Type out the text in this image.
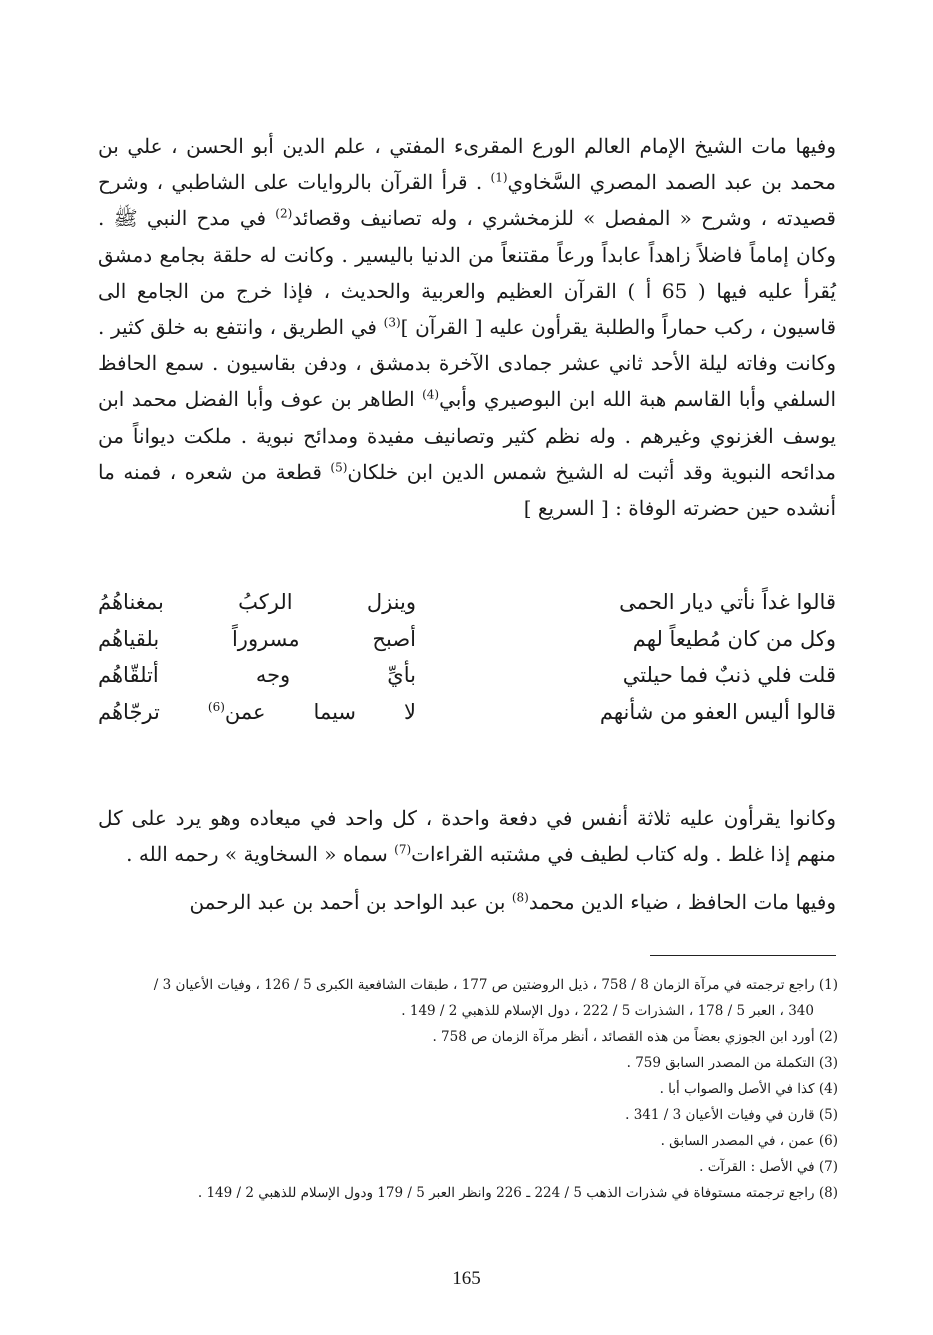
وفيها مات الشيخ الإمام العالم الورع المقرىء المفتي ، علم الدين أبو الحسن ، علي بن محمد بن عبد الصمد المصري السَّخاوي$^{(1)}$ . قرأ القرآن بالروايات على الشاطبي ، وشرح قصيدته ، وشرح « المفصل » للزمخشري ، وله تصانيف وقصائد$^{(2)}$ في مدح النبي ﷺ . وكان إماماً فاضلاً زاهداً عابداً ورعاً مقتنعاً من الدنيا باليسير . وكانت له حلقة بجامع دمشق يُقرأ عليه فيها ( 65 أ ) القرآن العظيم والعربية والحديث ، فإذا خرج من الجامع الى قاسيون ، ركب حماراً والطلبة يقرأون عليه [ القرآن ]$^{(3)}$ في الطريق ، وانتفع به خلق كثير . وكانت وفاته ليلة الأحد ثاني عشر جمادى الآخرة بدمشق ، ودفن بقاسيون . سمع الحافظ السلفي وأبا القاسم هبة الله ابن البوصيري وأبي$^{(4)}$ الطاهر بن عوف وأبا الفضل محمد ابن يوسف الغزنوي وغيرهم . وله نظم كثير وتصانيف مفيدة ومدائح نبوية . ملكت ديواناً من مدائحه النبوية وقد أثبت له الشيخ شمس الدين ابن خلكان$^{(5)}$ قطعة من شعره ، فمنه ما أنشده حين حضرته الوفاة : [ السريع ]

قالوا غداً نأتي ديار الحمى
وينزل الركبُ بمغناهُمُ
وكل من كان مُطيعاً لهم
أصبح مسروراً بلقياهُم
قلت فلي ذنبٌ فما حيلتي
بأيِّ وجه أتلقّاهُم
قالوا أليس العفو من شأنهم
لا سيما عمن$^{(6)}$ ترجّاهُم

وكانوا يقرأون عليه ثلاثة أنفس في دفعة واحدة ، كل واحد في ميعاده وهو يرد على كل منهم إذا غلط . وله كتاب لطيف في مشتبه القراءات$^{(7)}$ سماه « السخاوية » رحمه الله .

وفيها مات الحافظ ، ضياء الدين محمد$^{(8)}$ بن عبد الواحد بن أحمد بن عبد الرحمن

(1) راجع ترجمته في مرآة الزمان 8 / 758 ، ذيل الروضتين ص 177 ، طبقات الشافعية الكبرى 5 / 126 ، وفيات الأعيان 3 /

340 ، العبر 5 / 178 ، الشذرات 5 / 222 ، دول الإسلام للذهبي 2 / 149 .

(2) أورد ابن الجوزي بعضاً من هذه القصائد ، أنظر مرآة الزمان ص 758 .

(3) التكملة من المصدر السابق 759 .

(4) كذا في الأصل والصواب أبا .

(5) قارن في وفيات الأعيان 3 / 341 .

(6) عمن ، في المصدر السابق .

(7) في الأصل : القرآت .

(8) راجع ترجمته مستوفاة في شذرات الذهب 5 / 224 ـ 226 وانظر العبر 5 / 179 ودول الإسلام للذهبي 2 / 149 .

165
